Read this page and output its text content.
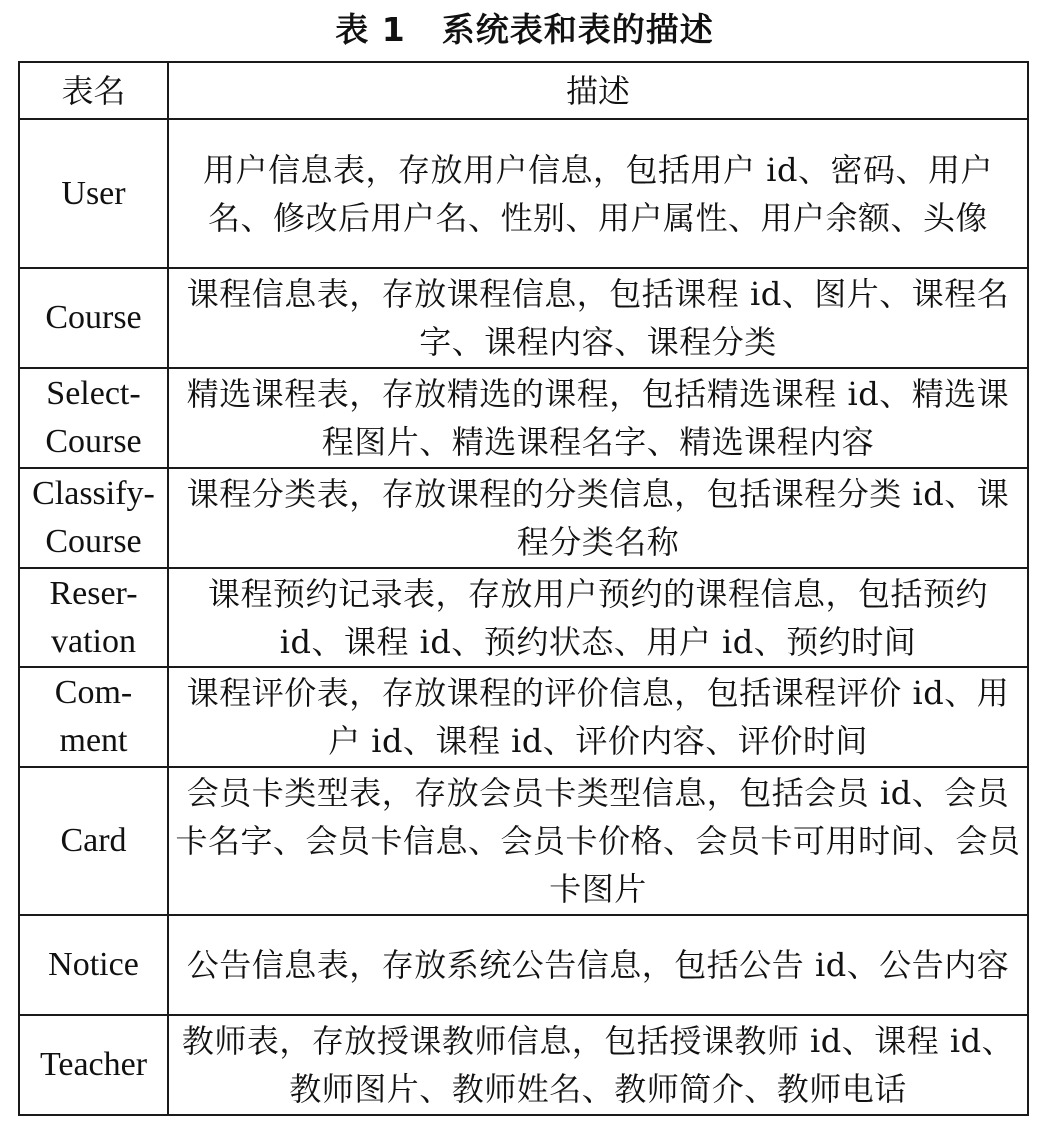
表 1 系统表和表的描述
表名	描述
User	用户信息表，存放用户信息，包括用户 id、密码、用户名、修改后用户名、性别、用户属性、用户余额、头像
Course	课程信息表，存放课程信息，包括课程 id、图片、课程名字、课程内容、课程分类
Select-Course	精选课程表，存放精选的课程，包括精选课程 id、精选课程图片、精选课程名字、精选课程内容
Classify-Course	课程分类表，存放课程的分类信息，包括课程分类 id、课程分类名称
Reser-vation	课程预约记录表，存放用户预约的课程信息，包括预约 id、课程 id、预约状态、用户 id、预约时间
Com-ment	课程评价表，存放课程的评价信息，包括课程评价 id、用户 id、课程 id、评价内容、评价时间
Card	会员卡类型表，存放会员卡类型信息，包括会员 id、会员卡名字、会员卡信息、会员卡价格、会员卡可用时间、会员卡图片
Notice	公告信息表，存放系统公告信息，包括公告 id、公告内容
Teacher	教师表，存放授课教师信息，包括授课教师 id、课程 id、教师图片、教师姓名、教师简介、教师电话
